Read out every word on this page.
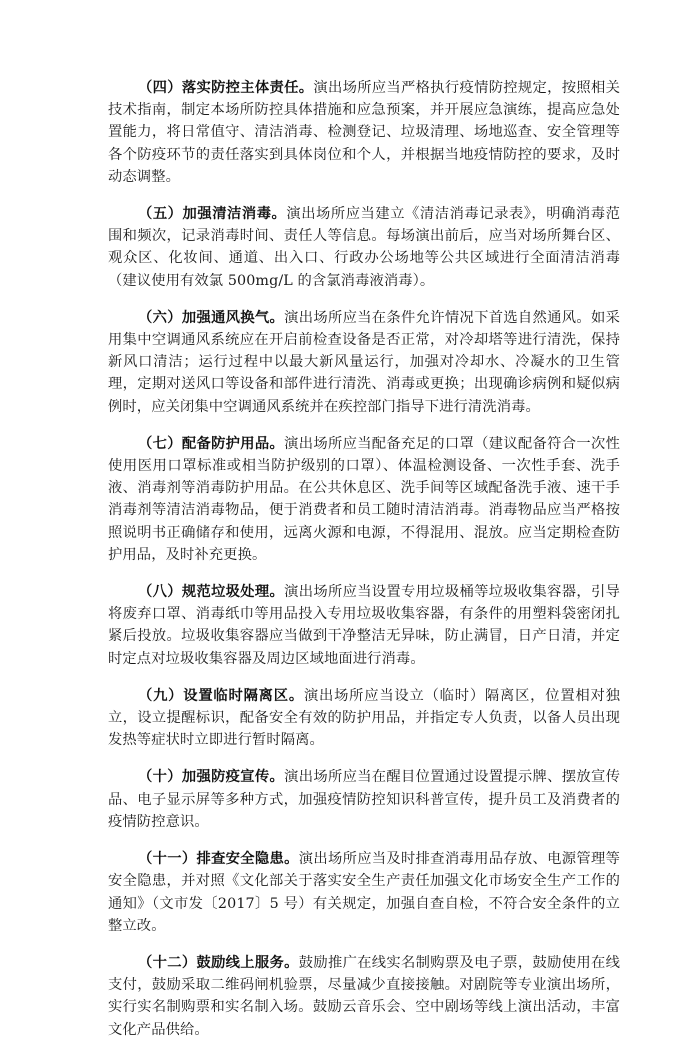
（四）落实防控主体责任。演出场所应当严格执行疫情防控规定，按照相关技术指南，制定本场所防控具体措施和应急预案，并开展应急演练，提高应急处置能力，将日常值守、清洁消毒、检测登记、垃圾清理、场地巡查、安全管理等各个防疫环节的责任落实到具体岗位和个人，并根据当地疫情防控的要求，及时动态调整。

（五）加强清洁消毒。演出场所应当建立《清洁消毒记录表》，明确消毒范围和频次，记录消毒时间、责任人等信息。每场演出前后，应当对场所舞台区、观众区、化妆间、通道、出入口、行政办公场地等公共区域进行全面清洁消毒（建议使用有效氯 500mg/L 的含氯消毒液消毒）。

（六）加强通风换气。演出场所应当在条件允许情况下首选自然通风。如采用集中空调通风系统应在开启前检查设备是否正常，对冷却塔等进行清洗，保持新风口清洁；运行过程中以最大新风量运行，加强对冷却水、冷凝水的卫生管理，定期对送风口等设备和部件进行清洗、消毒或更换；出现确诊病例和疑似病例时，应关闭集中空调通风系统并在疾控部门指导下进行清洗消毒。

（七）配备防护用品。演出场所应当配备充足的口罩（建议配备符合一次性使用医用口罩标准或相当防护级别的口罩）、体温检测设备、一次性手套、洗手液、消毒剂等消毒防护用品。在公共休息区、洗手间等区域配备洗手液、速干手消毒剂等清洁消毒物品，便于消费者和员工随时清洁消毒。消毒物品应当严格按照说明书正确储存和使用，远离火源和电源，不得混用、混放。应当定期检查防护用品，及时补充更换。

（八）规范垃圾处理。演出场所应当设置专用垃圾桶等垃圾收集容器，引导将废弃口罩、消毒纸巾等用品投入专用垃圾收集容器，有条件的用塑料袋密闭扎紧后投放。垃圾收集容器应当做到干净整洁无异味，防止满冒，日产日清，并定时定点对垃圾收集容器及周边区域地面进行消毒。

（九）设置临时隔离区。演出场所应当设立（临时）隔离区，位置相对独立，设立提醒标识，配备安全有效的防护用品，并指定专人负责，以备人员出现发热等症状时立即进行暂时隔离。

（十）加强防疫宣传。演出场所应当在醒目位置通过设置提示牌、摆放宣传品、电子显示屏等多种方式，加强疫情防控知识科普宣传，提升员工及消费者的疫情防控意识。

（十一）排查安全隐患。演出场所应当及时排查消毒用品存放、电源管理等安全隐患，并对照《文化部关于落实安全生产责任加强文化市场安全生产工作的通知》（文市发〔2017〕5 号）有关规定，加强自查自检，不符合安全条件的立整立改。

（十二）鼓励线上服务。鼓励推广在线实名制购票及电子票，鼓励使用在线支付，鼓励采取二维码闸机验票，尽量减少直接接触。对剧院等专业演出场所，实行实名制购票和实名制入场。鼓励云音乐会、空中剧场等线上演出活动，丰富文化产品供给。
